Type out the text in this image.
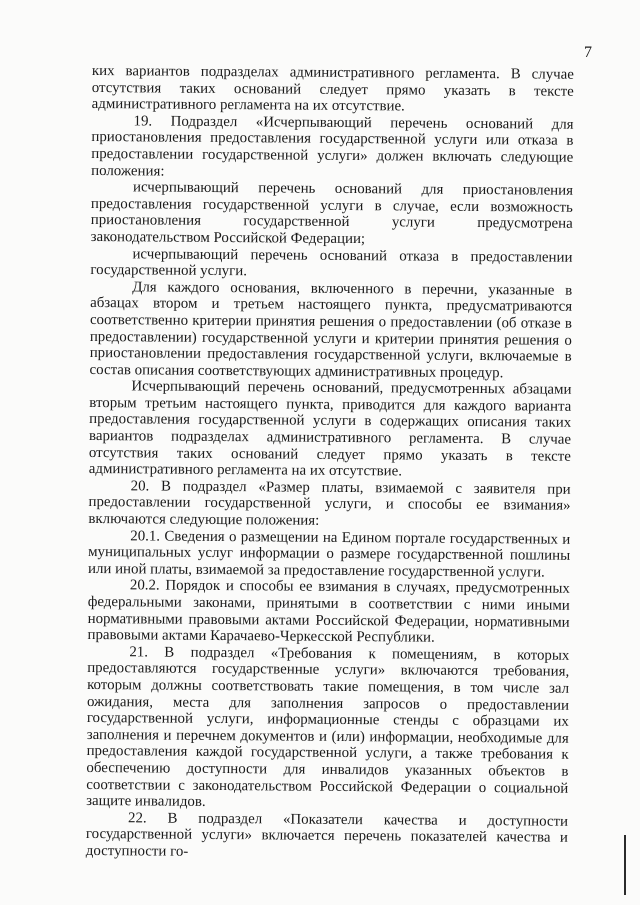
7

ких вариантов подразделах административного регламента. В случае отсутствия таких оснований следует прямо указать в тексте административного регламента на их отсутствие.

19. Подраздел «Исчерпывающий перечень оснований для приостановления предоставления государственной услуги или отказа в предоставлении государственной услуги» должен включать следующие положения:

исчерпывающий перечень оснований для приостановления предоставления государственной услуги в случае, если возможность приостановления государственной услуги предусмотрена законодательством Российской Федерации;

исчерпывающий перечень оснований отказа в предоставлении государственной услуги.

Для каждого основания, включенного в перечни, указанные в абзацах втором и третьем настоящего пункта, предусматриваются соответственно критерии принятия решения о предоставлении (об отказе в предоставлении) государственной услуги и критерии принятия решения о приостановлении предоставления государственной услуги, включаемые в состав описания соответствующих административных процедур.

Исчерпывающий перечень оснований, предусмотренных абзацами вторым третьим настоящего пункта, приводится для каждого варианта предоставления государственной услуги в содержащих описания таких вариантов подразделах административного регламента. В случае отсутствия таких оснований следует прямо указать в тексте административного регламента на их отсутствие.

20. В подраздел «Размер платы, взимаемой с заявителя при предоставлении государственной услуги, и способы ее взимания» включаются следующие положения:

20.1. Сведения о размещении на Едином портале государственных и муниципальных услуг информации о размере государственной пошлины или иной платы, взимаемой за предоставление государственной услуги.

20.2. Порядок и способы ее взимания в случаях, предусмотренных федеральными законами, принятыми в соответствии с ними иными нормативными правовыми актами Российской Федерации, нормативными правовыми актами Карачаево-Черкесской Республики.

21. В подраздел «Требования к помещениям, в которых предоставляются государственные услуги» включаются требования, которым должны соответствовать такие помещения, в том числе зал ожидания, места для заполнения запросов о предоставлении государственной услуги, информационные стенды с образцами их заполнения и перечнем документов и (или) информации, необходимые для предоставления каждой государственной услуги, а также требования к обеспечению доступности для инвалидов указанных объектов в соответствии с законодательством Российской Федерации о социальной защите инвалидов.

22. В подраздел «Показатели качества и доступности государственной услуги» включается перечень показателей качества и доступности го-
